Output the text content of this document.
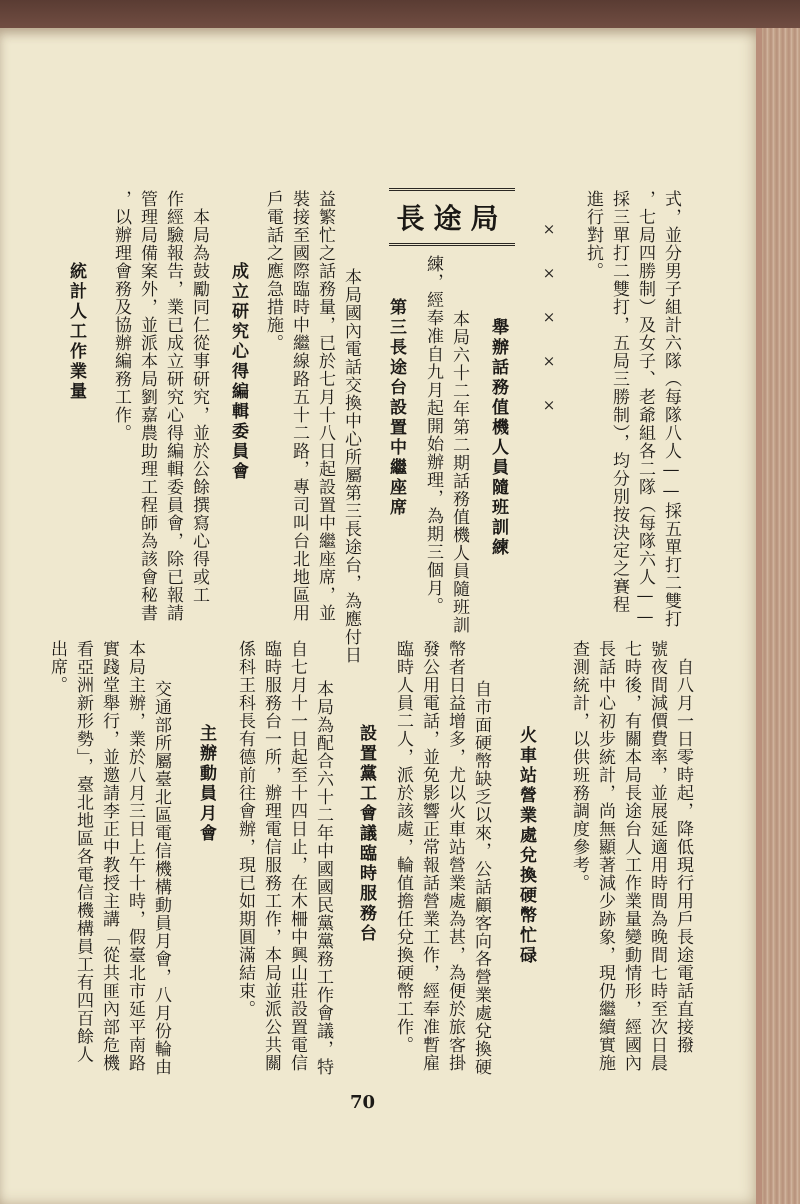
式，並分男子組計六隊（每隊八人——採五單打二雙打
，七局四勝制）及女子、老爺組各二隊（每隊六人——
採三單打二雙打，五局三勝制），均分別按決定之賽程
進行對抗。
×××××
長途局
舉辦話務值機人員隨班訓練
　本局六十二年第二期話務值機人員隨班訓
練，經奉准自九月起開始辦理，為期三個月。
第三長途台設置中繼座席
　本局國內電話交換中心所屬第三長途台，為應付日
益繁忙之話務量，已於七月十八日起設置中繼座席，並
裝接至國際臨時中繼線路五十二路，專司叫台北地區用
戶電話之應急措施。
成立研究心得編輯委員會
　本局為鼓勵同仁從事研究，並於公餘撰寫心得或工
作經驗報告，業已成立研究心得編輯委員會，除已報請
管理局備案外，並派本局劉嘉農助理工程師為該會秘書
，以辦理會務及協辦編務工作。
統計人工作業量
　自八月一日零時起，降低現行用戶長途電話直接撥
號夜間減價費率，並展延適用時間為晚間七時至次日晨
七時後，有關本局長途台人工作業量變動情形，經國內
長話中心初步統計，尚無顯著減少跡象，現仍繼續實施
查測統計，以供班務調度參考。
火車站營業處兌換硬幣忙碌
　自市面硬幣缺乏以來，公話顧客向各營業處兌換硬
幣者日益增多，尤以火車站營業處為甚，為便於旅客掛
發公用電話，並免影響正常報話營業工作，經奉准暫雇
臨時人員二人，派於該處，輪值擔任兌換硬幣工作。
設置黨工會議臨時服務台
　本局為配合六十二年中國國民黨黨務工作會議，特
自七月十一日起至十四日止，在木柵中興山莊設置電信
臨時服務台一所，辦理電信服務工作，本局並派公共關
係科王科長有德前往會辦，現已如期圓滿結束。
主辦動員月會
　交通部所屬臺北區電信機構動員月會，八月份輪由
本局主辦，業於八月三日上午十時，假臺北市延平南路
實踐堂舉行，並邀請李正中教授主講「從共匪內部危機
看亞洲新形勢」，臺北地區各電信機構員工有四百餘人
出席。
70
